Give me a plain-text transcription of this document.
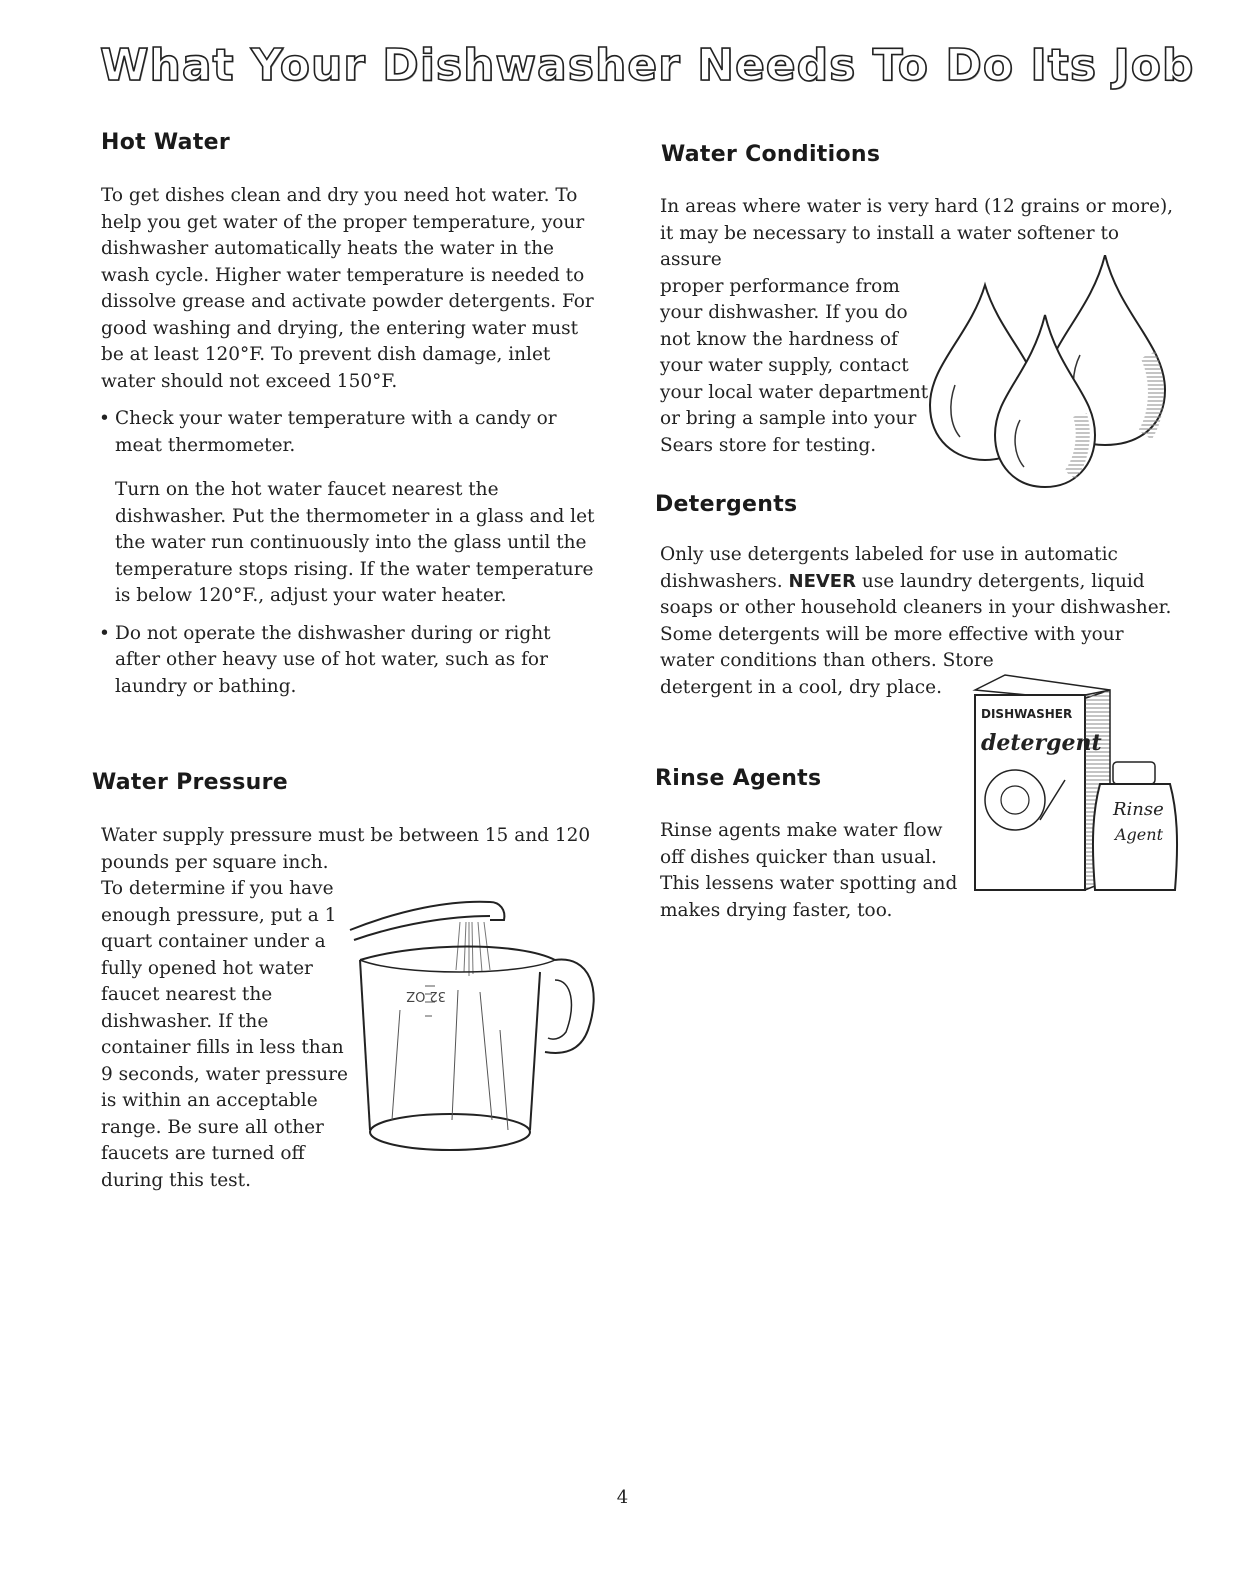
What Your Dishwasher Needs To Do Its Job
Hot Water

To get dishes clean and dry you need hot water. To help you get water of the proper temperature, your dishwasher automatically heats the water in the wash cycle. Higher water temperature is needed to dissolve grease and activate powder detergents. For good washing and drying, the entering water must be at least 120°F. To prevent dish damage, inlet water should not exceed 150°F.

• Check your water temperature with a candy or meat thermometer.

Turn on the hot water faucet nearest the dishwasher. Put the thermometer in a glass and let the water run continuously into the glass until the temperature stops rising. If the water temperature is below 120°F., adjust your water heater.

• Do not operate the dishwasher during or right after other heavy use of hot water, such as for laundry or bathing.

Water Pressure

Water supply pressure must be between 15 and 120 pounds per square inch.

To determine if you have enough pressure, put a 1 quart container under a fully opened hot water faucet nearest the dishwasher. If the container fills in less than 9 seconds, water pressure is within an acceptable range. Be sure all other faucets are turned off during this test.

32 OZ
Water Conditions

In areas where water is very hard (12 grains or more), it may be necessary to install a water softener to assure

proper performance from your dishwasher. If you do not know the hardness of your water supply, contact your local water department or bring a sample into your Sears store for testing.

Detergents

Only use detergents labeled for use in automatic dishwashers. NEVER use laundry detergents, liquid soaps or other household cleaners in your dishwasher. Some detergents will be more effective with your water conditions than others. Store

detergent in a cool, dry place.

DISHWASHER
detergent
Rinse
Agent
Rinse Agents

Rinse agents make water flow off dishes quicker than usual. This lessens water spotting and makes drying faster, too.

4
